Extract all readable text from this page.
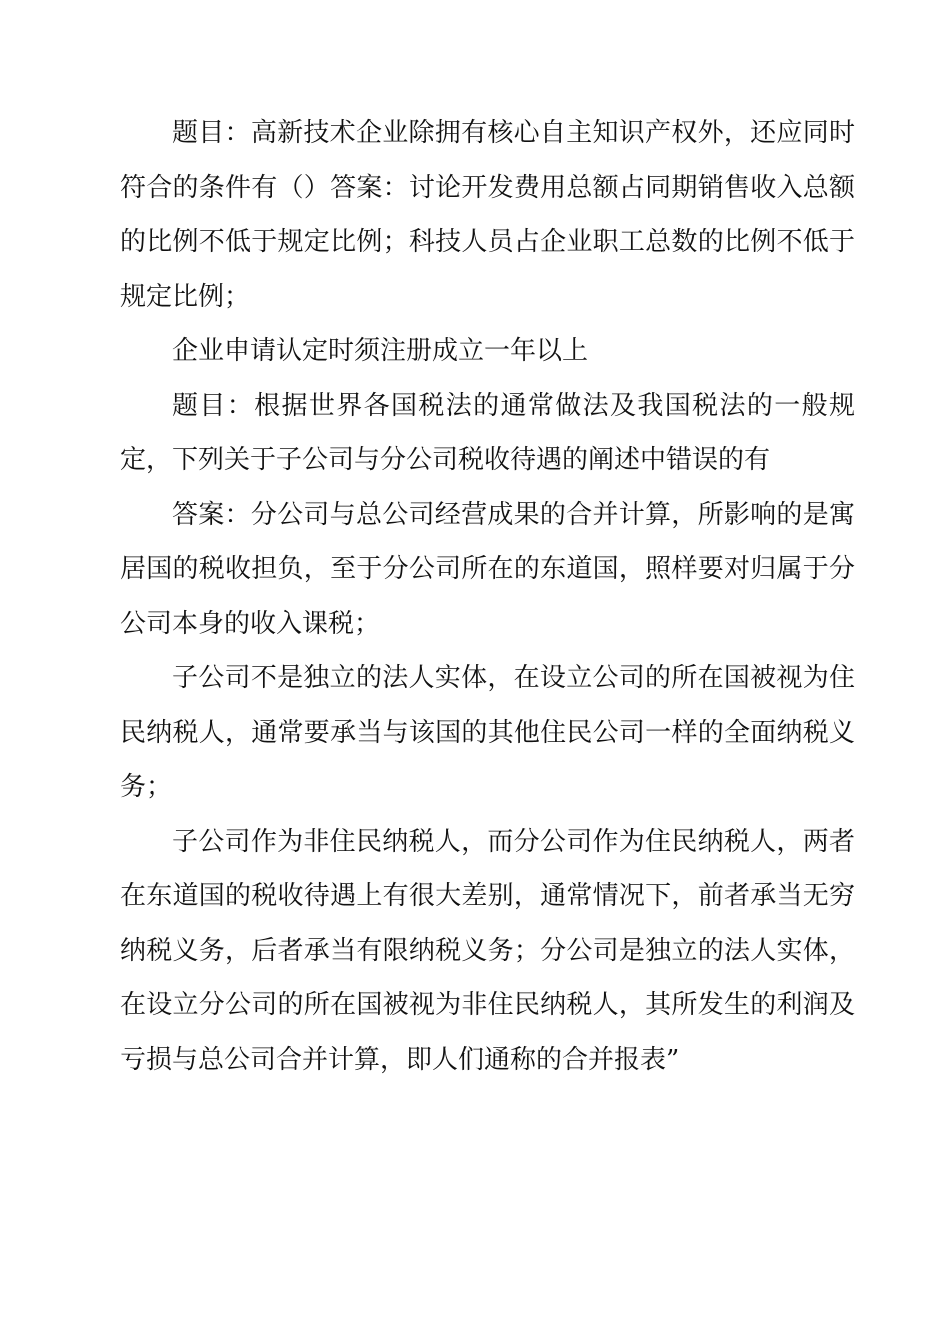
题目：高新技术企业除拥有核心自主知识产权外，还应同时符合的条件有（）答案：讨论开发费用总额占同期销售收入总额的比例不低于规定比例；科技人员占企业职工总数的比例不低于规定比例；

企业申请认定时须注册成立一年以上

题目：根据世界各国税法的通常做法及我国税法的一般规定，下列关于子公司与分公司税收待遇的阐述中错误的有

答案：分公司与总公司经营成果的合并计算，所影响的是寓居国的税收担负，至于分公司所在的东道国，照样要对归属于分公司本身的收入课税；

子公司不是独立的法人实体，在设立公司的所在国被视为住民纳税人，通常要承当与该国的其他住民公司一样的全面纳税义务；

子公司作为非住民纳税人，而分公司作为住民纳税人，两者在东道国的税收待遇上有很大差别，通常情况下，前者承当无穷纳税义务，后者承当有限纳税义务；分公司是独立的法人实体，在设立分公司的所在国被视为非住民纳税人，其所发生的利润及亏损与总公司合并计算，即人们通称的合并报表”
